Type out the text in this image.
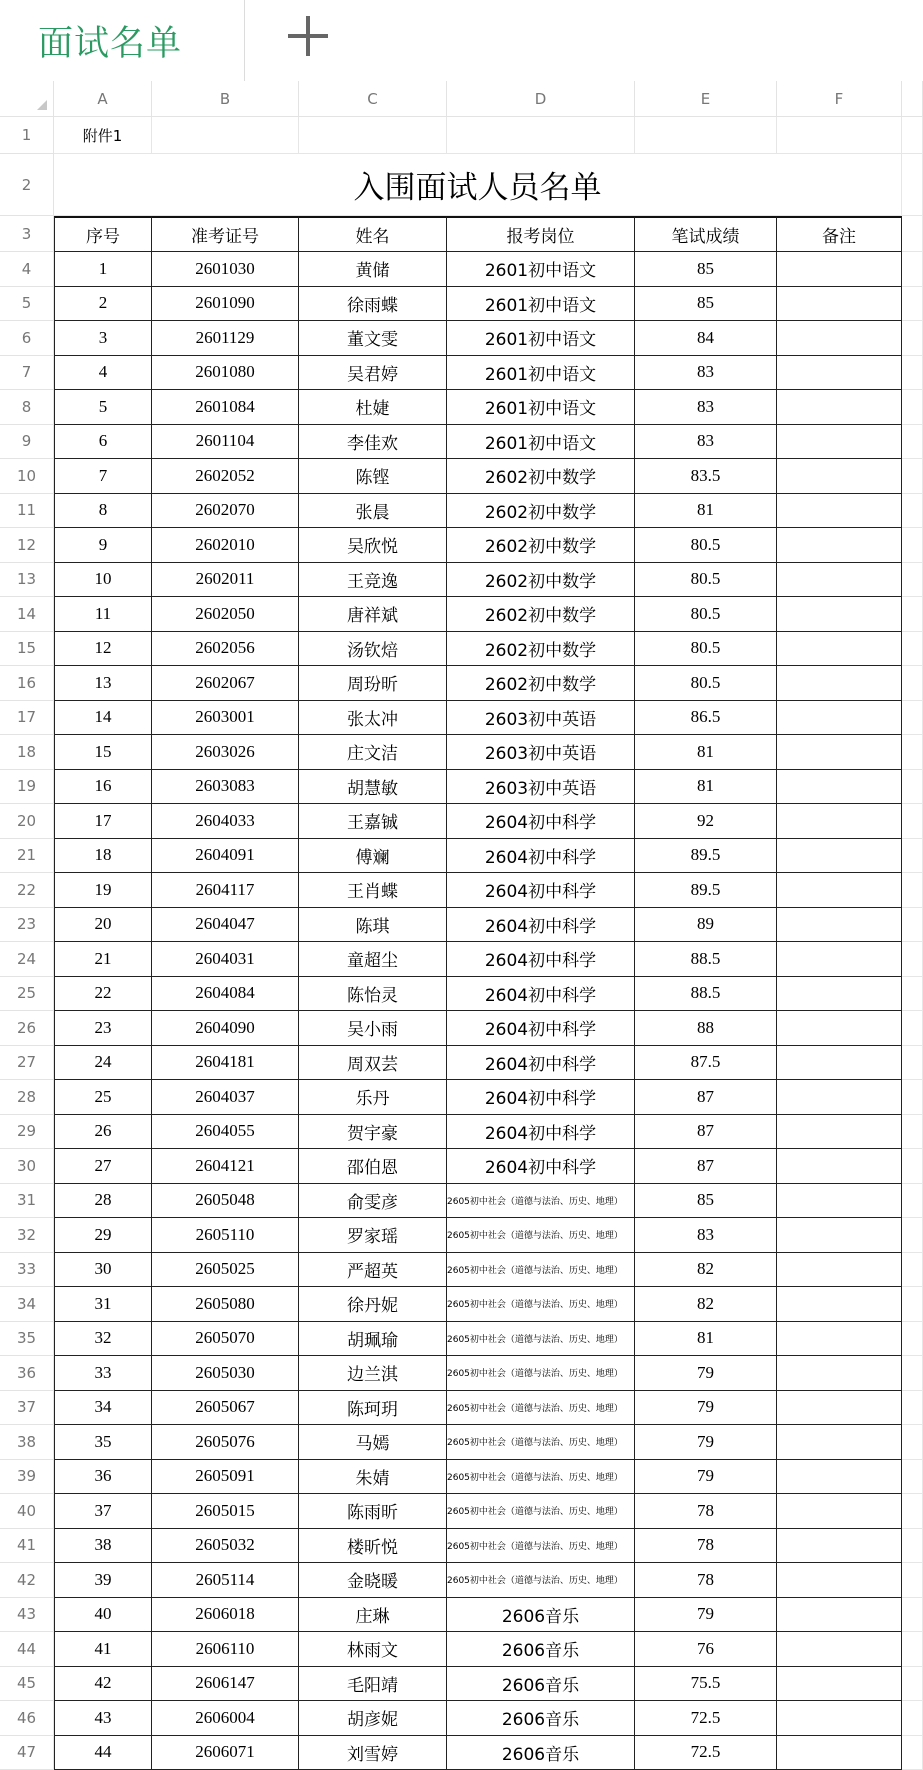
面试名单
A	B	C	D	E	F
1	附件1
2	入围面试人员名单
3	序号	准考证号	姓名	报考岗位	笔试成绩	备注
4	1	2601030	黄储	2601初中语文	85
5	2	2601090	徐雨蝶	2601初中语文	85
6	3	2601129	董文雯	2601初中语文	84
7	4	2601080	吴君婷	2601初中语文	83
8	5	2601084	杜婕	2601初中语文	83
9	6	2601104	李佳欢	2601初中语文	83
10	7	2602052	陈铿	2602初中数学	83.5
11	8	2602070	张晨	2602初中数学	81
12	9	2602010	吴欣悦	2602初中数学	80.5
13	10	2602011	王竞逸	2602初中数学	80.5
14	11	2602050	唐祥斌	2602初中数学	80.5
15	12	2602056	汤钦焙	2602初中数学	80.5
16	13	2602067	周玢昕	2602初中数学	80.5
17	14	2603001	张太冲	2603初中英语	86.5
18	15	2603026	庄文洁	2603初中英语	81
19	16	2603083	胡慧敏	2603初中英语	81
20	17	2604033	王嘉铖	2604初中科学	92
21	18	2604091	傅斓	2604初中科学	89.5
22	19	2604117	王肖蝶	2604初中科学	89.5
23	20	2604047	陈琪	2604初中科学	89
24	21	2604031	童超尘	2604初中科学	88.5
25	22	2604084	陈怡灵	2604初中科学	88.5
26	23	2604090	吴小雨	2604初中科学	88
27	24	2604181	周双芸	2604初中科学	87.5
28	25	2604037	乐丹	2604初中科学	87
29	26	2604055	贺宇豪	2604初中科学	87
30	27	2604121	邵伯恩	2604初中科学	87
31	28	2605048	俞雯彦	2605初中社会（道德与法治、历史、地理）	85
32	29	2605110	罗家瑶	2605初中社会（道德与法治、历史、地理）	83
33	30	2605025	严超英	2605初中社会（道德与法治、历史、地理）	82
34	31	2605080	徐丹妮	2605初中社会（道德与法治、历史、地理）	82
35	32	2605070	胡珮瑜	2605初中社会（道德与法治、历史、地理）	81
36	33	2605030	边兰淇	2605初中社会（道德与法治、历史、地理）	79
37	34	2605067	陈珂玥	2605初中社会（道德与法治、历史、地理）	79
38	35	2605076	马嫣	2605初中社会（道德与法治、历史、地理）	79
39	36	2605091	朱婧	2605初中社会（道德与法治、历史、地理）	79
40	37	2605015	陈雨昕	2605初中社会（道德与法治、历史、地理）	78
41	38	2605032	楼昕悦	2605初中社会（道德与法治、历史、地理）	78
42	39	2605114	金晓暖	2605初中社会（道德与法治、历史、地理）	78
43	40	2606018	庄琳	2606音乐	79
44	41	2606110	林雨文	2606音乐	76
45	42	2606147	毛阳靖	2606音乐	75.5
46	43	2606004	胡彦妮	2606音乐	72.5
47	44	2606071	刘雪婷	2606音乐	72.5
